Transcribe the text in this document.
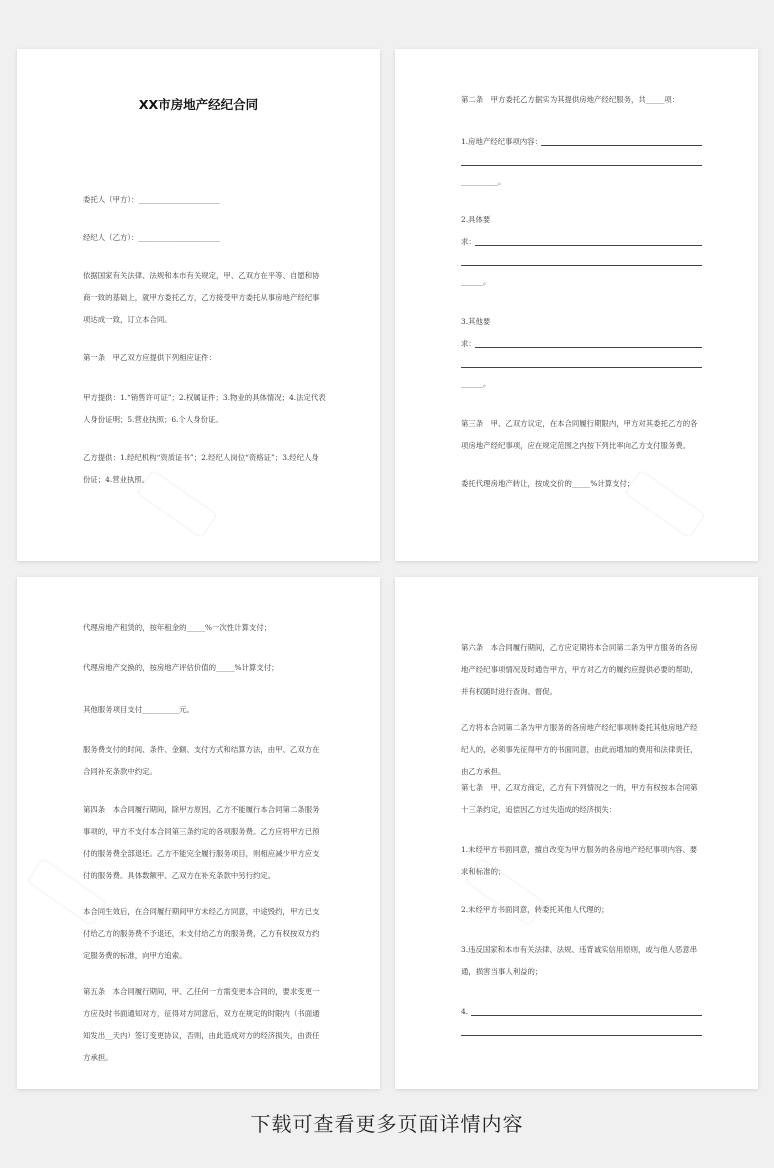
XX市房地产经纪合同
委托人（甲方）：______________________
经纪人（乙方）：______________________
依据国家有关法律、法规和本市有关规定，甲、乙双方在平等、自愿和协商一致的基础上，就甲方委托乙方，乙方接受甲方委托从事房地产经纪事项达成一致，订立本合同。
第一条　甲乙双方应提供下列相应证件：
甲方提供：1.“销售许可证”；2.权属证件；3.物业的具体情况；4.法定代表人身份证明；5.营业执照；6.个人身份证。
乙方提供：1.经纪机构“资质证书”；2.经纪人岗位“资格证”；3.经纪人身份证；4.营业执照。
第二条　甲方委托乙方据实为其提供房地产经纪服务，共_____项：
1.房地产经纪事项内容：
__________。
2.具体要
求：
______。
3.其他要
求：
______。
第三条　甲、乙双方议定，在本合同履行期限内，甲方对其委托乙方的各项房地产经纪事项，应在规定范围之内按下列比率向乙方支付服务费。
委托代理房地产转让，按成交价的_____%计算支付；
代理房地产租赁的，按年租金的_____%一次性计算支付；
代理房地产交换的，按房地产评估价值的_____%计算支付；
其他服务项目支付__________元。
服务费支付的时间、条件、金额、支付方式和结算方法，由甲、乙双方在合同补充条款中约定。
第四条　本合同履行期间，除甲方原因，乙方不能履行本合同第二条服务事项的，甲方不支付本合同第三条约定的各项服务费。乙方应将甲方已预付的服务费全部退还。乙方不能完全履行服务项目，则相应减少甲方应支付的服务费。具体数额甲、乙双方在补充条款中另行约定。
本合同生效后，在合同履行期间甲方未经乙方同意，中途毁约，甲方已支付给乙方的服务费不予退还，未支付给乙方的服务费，乙方有权按双方约定服务费的标准，向甲方追索。
第五条　本合同履行期间，甲、乙任何一方需变更本合同的，要求变更一方应及时书面通知对方，征得对方同意后，双方在规定的时限内（书面通知发出__天内）签订变更协议，否则，由此造成对方的经济损失，由责任方承担。
第六条　本合同履行期间，乙方应定期将本合同第二条为甲方服务的各房地产经纪事项情况及时通告甲方，甲方对乙方的履约应提供必要的帮助，并有权随时进行查询、督促。
乙方将本合同第二条为甲方服务的各房地产经纪事项转委托其他房地产经纪人的，必须事先征得甲方的书面同意，由此而增加的费用和法律责任，由乙方承担。
第七条　甲、乙双方商定，乙方有下列情况之一的，甲方有权按本合同第十三条约定，追偿因乙方过失造成的经济损失：
1.未经甲方书面同意，擅自改变为甲方服务的各房地产经纪事项内容、要求和标准的；
2.未经甲方书面同意，转委托其他人代理的；
3.违反国家和本市有关法律、法规、违背诚实信用原则，或与他人恶意串通，损害当事人利益的；
4.
下载可查看更多页面详情内容
